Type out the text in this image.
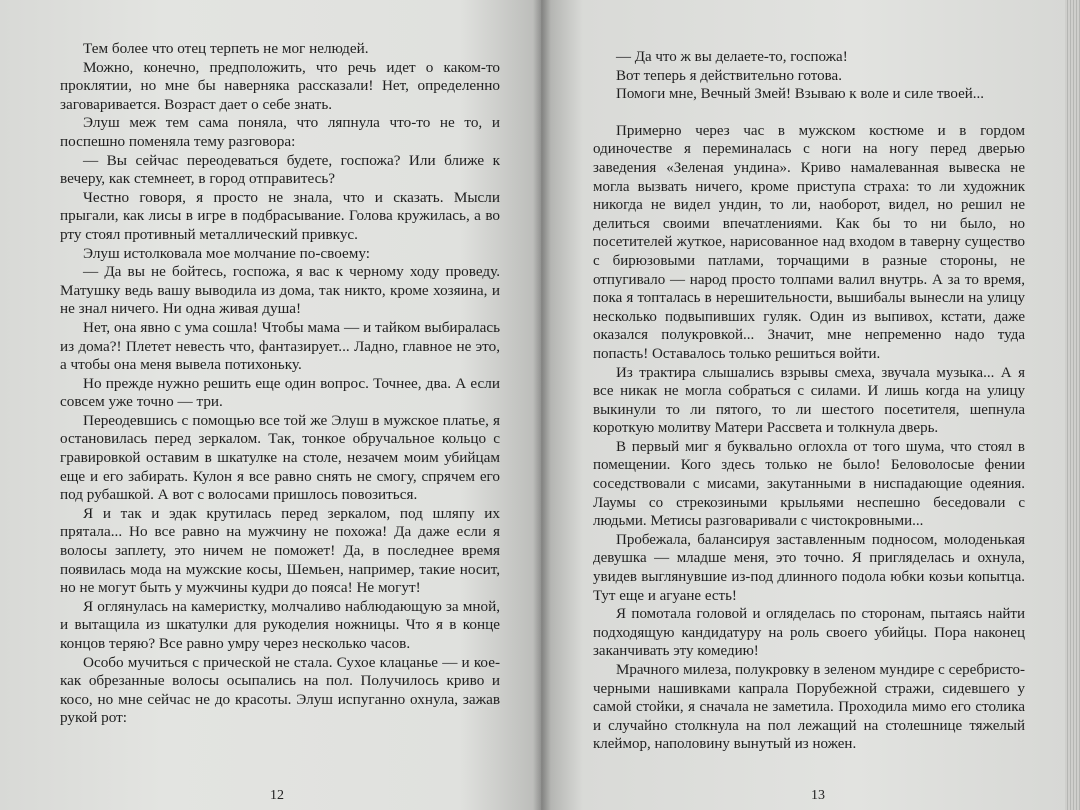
Тем более что отец терпеть не мог нелюдей.

Можно, конечно, предположить, что речь идет о каком-то проклятии, но мне бы наверняка рассказали! Нет, определенно заговаривается. Возраст дает о себе знать.

Элуш меж тем сама поняла, что ляпнула что-то не то, и поспешно поменяла тему разговора:

— Вы сейчас переодеваться будете, госпожа? Или ближе к вечеру, как стемнеет, в город отправитесь?

Честно говоря, я просто не знала, что и сказать. Мысли прыгали, как лисы в игре в подбрасывание. Голова кружилась, а во рту стоял противный металлический привкус.

Элуш истолковала мое молчание по-своему:

— Да вы не бойтесь, госпожа, я вас к черному ходу проведу. Матушку ведь вашу выводила из дома, так никто, кроме хозяина, и не знал ничего. Ни одна живая душа!

Нет, она явно с ума сошла! Чтобы мама — и тайком выбиралась из дома?! Плетет невесть что, фантазирует... Ладно, главное не это, а чтобы она меня вывела потихоньку.

Но прежде нужно решить еще один вопрос. Точнее, два. А если совсем уже точно — три.

Переодевшись с помощью все той же Элуш в мужское платье, я остановилась перед зеркалом. Так, тонкое обручальное кольцо с гравировкой оставим в шкатулке на столе, незачем моим убийцам еще и его забирать. Кулон я все равно снять не смогу, спрячем его под рубашкой. А вот с волосами пришлось повозиться.

Я и так и эдак крутилась перед зеркалом, под шляпу их прятала... Но все равно на мужчину не похожа! Да даже если я волосы заплету, это ничем не поможет! Да, в последнее время появилась мода на мужские косы, Шемьен, например, такие носит, но не могут быть у мужчины кудри до пояса! Не могут!

Я оглянулась на камеристку, молчаливо наблюдающую за мной, и вытащила из шкатулки для рукоделия ножницы. Что я в конце концов теряю? Все равно умру через несколько часов.

Особо мучиться с прической не стала. Сухое клацанье — и кое-как обрезанные волосы осыпались на пол. Получилось криво и косо, но мне сейчас не до красоты. Элуш испуганно охнула, зажав рукой рот:

12

— Да что ж вы делаете-то, госпожа!

Вот теперь я действительно готова.

Помоги мне, Вечный Змей! Взываю к воле и силе твоей...

Примерно через час в мужском костюме и в гордом одиночестве я переминалась с ноги на ногу перед дверью заведения «Зеленая ундина». Криво намалеванная вывеска не могла вызвать ничего, кроме приступа страха: то ли художник никогда не видел ундин, то ли, наоборот, видел, но решил не делиться своими впечатлениями. Как бы то ни было, но посетителей жуткое, нарисованное над входом в таверну существо с бирюзовыми патлами, торчащими в разные стороны, не отпугивало — народ просто толпами валил внутрь. А за то время, пока я топталась в нерешительности, вышибалы вынесли на улицу несколько подвыпивших гуляк. Один из выпивох, кстати, даже оказался полукровкой... Значит, мне непременно надо туда попасть! Оставалось только решиться войти.

Из трактира слышались взрывы смеха, звучала музыка... А я все никак не могла собраться с силами. И лишь когда на улицу выкинули то ли пятого, то ли шестого посетителя, шепнула короткую молитву Матери Рассвета и толкнула дверь.

В первый миг я буквально оглохла от того шума, что стоял в помещении. Кого здесь только не было! Беловолосые фении соседствовали с мисами, закутанными в ниспадающие одеяния. Лаумы со стрекозиными крыльями неспешно беседовали с людьми. Метисы разговаривали с чистокровными...

Пробежала, балансируя заставленным подносом, молоденькая девушка — младше меня, это точно. Я пригляделась и охнула, увидев выглянувшие из-под длинного подола юбки козьи копытца. Тут еще и агуане есть!

Я помотала головой и огляделась по сторонам, пытаясь найти подходящую кандидатуру на роль своего убийцы. Пора наконец заканчивать эту комедию!

Мрачного милеза, полукровку в зеленом мундире с серебристо-черными нашивками капрала Порубежной стражи, сидевшего у самой стойки, я сначала не заметила. Проходила мимо его столика и случайно столкнула на пол лежащий на столешнице тяжелый клеймор, наполовину вынутый из ножен.

13
